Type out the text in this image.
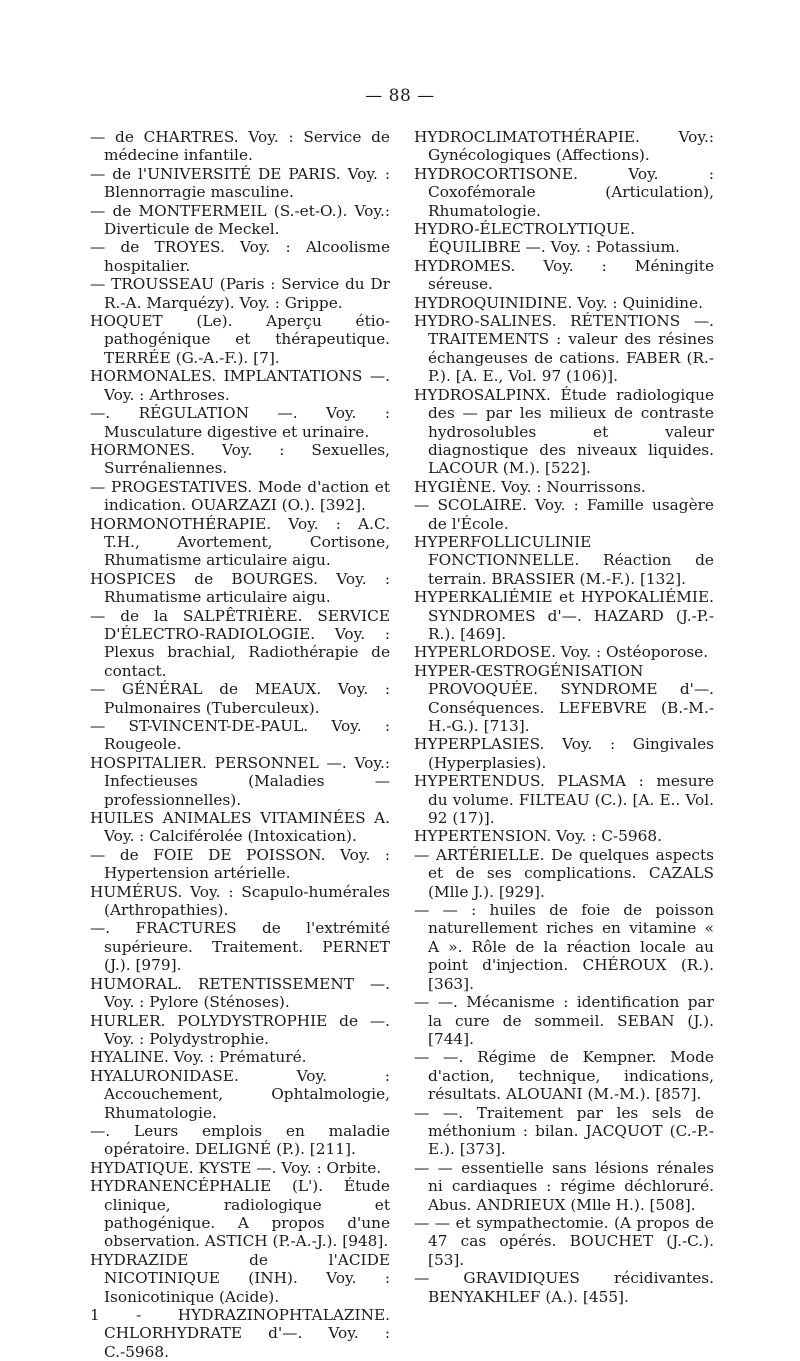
— 88 —

— de CHARTRES. Voy. : Service de médecine infantile.

— de l'UNIVERSITÉ DE PARIS. Voy. : Blennorragie masculine.

— de MONTFERMEIL (S.-et-O.). Voy.: Diverticule de Meckel.

— de TROYES. Voy. : Alcoolisme hospitalier.

— TROUSSEAU (Paris : Service du Dr R.-A. Marquézy). Voy. : Grippe.

HOQUET (Le). Aperçu étio-pathogénique et thérapeutique. TERRÉE (G.-A.-F.). [7].

HORMONALES. IMPLANTATIONS —. Voy. : Arthroses.

—. RÉGULATION —. Voy. : Musculature digestive et urinaire.

HORMONES. Voy. : Sexuelles, Surrénaliennes.

— PROGESTATIVES. Mode d'action et indication. OUARZAZI (O.). [392].

HORMONOTHÉRAPIE. Voy. : A.C. T.H., Avortement, Cortisone, Rhumatisme articulaire aigu.

HOSPICES de BOURGES. Voy. : Rhumatisme articulaire aigu.

— de la SALPÊTRIÈRE. SERVICE D'ÉLECTRO-RADIOLOGIE. Voy. : Plexus brachial, Radiothérapie de contact.

— GÉNÉRAL de MEAUX. Voy. : Pulmonaires (Tuberculeux).

— ST-VINCENT-DE-PAUL. Voy. : Rougeole.

HOSPITALIER. PERSONNEL —. Voy.: Infectieuses (Maladies — professionnelles).

HUILES ANIMALES VITAMINÉES A. Voy. : Calciférolée (Intoxication).

— de FOIE DE POISSON. Voy. : Hypertension artérielle.

HUMÉRUS. Voy. : Scapulo-humérales (Arthropathies).

—. FRACTURES de l'extrémité supérieure. Traitement. PERNET (J.). [979].

HUMORAL. RETENTISSEMENT —. Voy. : Pylore (Sténoses).

HURLER. POLYDYSTROPHIE de —. Voy. : Polydystrophie.

HYALINE. Voy. : Prématuré.

HYALURONIDASE. Voy. : Accouchement, Ophtalmologie, Rhumatologie.

—. Leurs emplois en maladie opératoire. DELIGNÉ (P.). [211].

HYDATIQUE. KYSTE —. Voy. : Orbite.

HYDRANENCÉPHALIE (L'). Étude clinique, radiologique et pathogénique. A propos d'une observation. ASTICH (P.-A.-J.). [948].

HYDRAZIDE de l'ACIDE NICOTINIQUE (INH). Voy. : Isonicotinique (Acide).

1 - HYDRAZINOPHTALAZINE. CHLORHYDRATE d'—. Voy. : C.-5968.

HYDROCLIMATOTHÉRAPIE. Voy.: Gynécologiques (Affections).

HYDROCORTISONE. Voy. : Coxofémorale (Articulation), Rhumatologie.

HYDRO-ÉLECTROLYTIQUE. ÉQUILIBRE —. Voy. : Potassium.

HYDROMES. Voy. : Méningite séreuse.

HYDROQUINIDINE. Voy. : Quinidine.

HYDRO-SALINES. RÉTENTIONS —. TRAITEMENTS : valeur des résines échangeuses de cations. FABER (R.-P.). [A. E., Vol. 97 (106)].

HYDROSALPINX. Étude radiologique des — par les milieux de contraste hydrosolubles et valeur diagnostique des niveaux liquides. LACOUR (M.). [522].

HYGIÈNE. Voy. : Nourrissons.

— SCOLAIRE. Voy. : Famille usagère de l'École.

HYPERFOLLICULINIE FONCTIONNELLE. Réaction de terrain. BRASSIER (M.-F.). [132].

HYPERKALIÉMIE et HYPOKALIÉMIE. SYNDROMES d'—. HAZARD (J.-P.-R.). [469].

HYPERLORDOSE. Voy. : Ostéoporose.

HYPER-ŒSTROGÉNISATION PROVOQUÉE. SYNDROME d'—. Conséquences. LEFEBVRE (B.-M.-H.-G.). [713].

HYPERPLASIES. Voy. : Gingivales (Hyperplasies).

HYPERTENDUS. PLASMA : mesure du volume. FILTEAU (C.). [A. E.. Vol. 92 (17)].

HYPERTENSION. Voy. : C-5968.

— ARTÉRIELLE. De quelques aspects et de ses complications. CAZALS (Mlle J.). [929].

— — : huiles de foie de poisson naturellement riches en vitamine « A ». Rôle de la réaction locale au point d'injection. CHÉROUX (R.). [363].

— —. Mécanisme : identification par la cure de sommeil. SEBAN (J.). [744].

— —. Régime de Kempner. Mode d'action, technique, indications, résultats. ALOUANI (M.-M.). [857].

— —. Traitement par les sels de méthonium : bilan. JACQUOT (C.-P.-E.). [373].

— — essentielle sans lésions rénales ni cardiaques : régime déchloruré. Abus. ANDRIEUX (Mlle H.). [508].

— — et sympathectomie. (A propos de 47 cas opérés. BOUCHET (J.-C.). [53].

— GRAVIDIQUES récidivantes. BENYAKHLEF (A.). [455].
